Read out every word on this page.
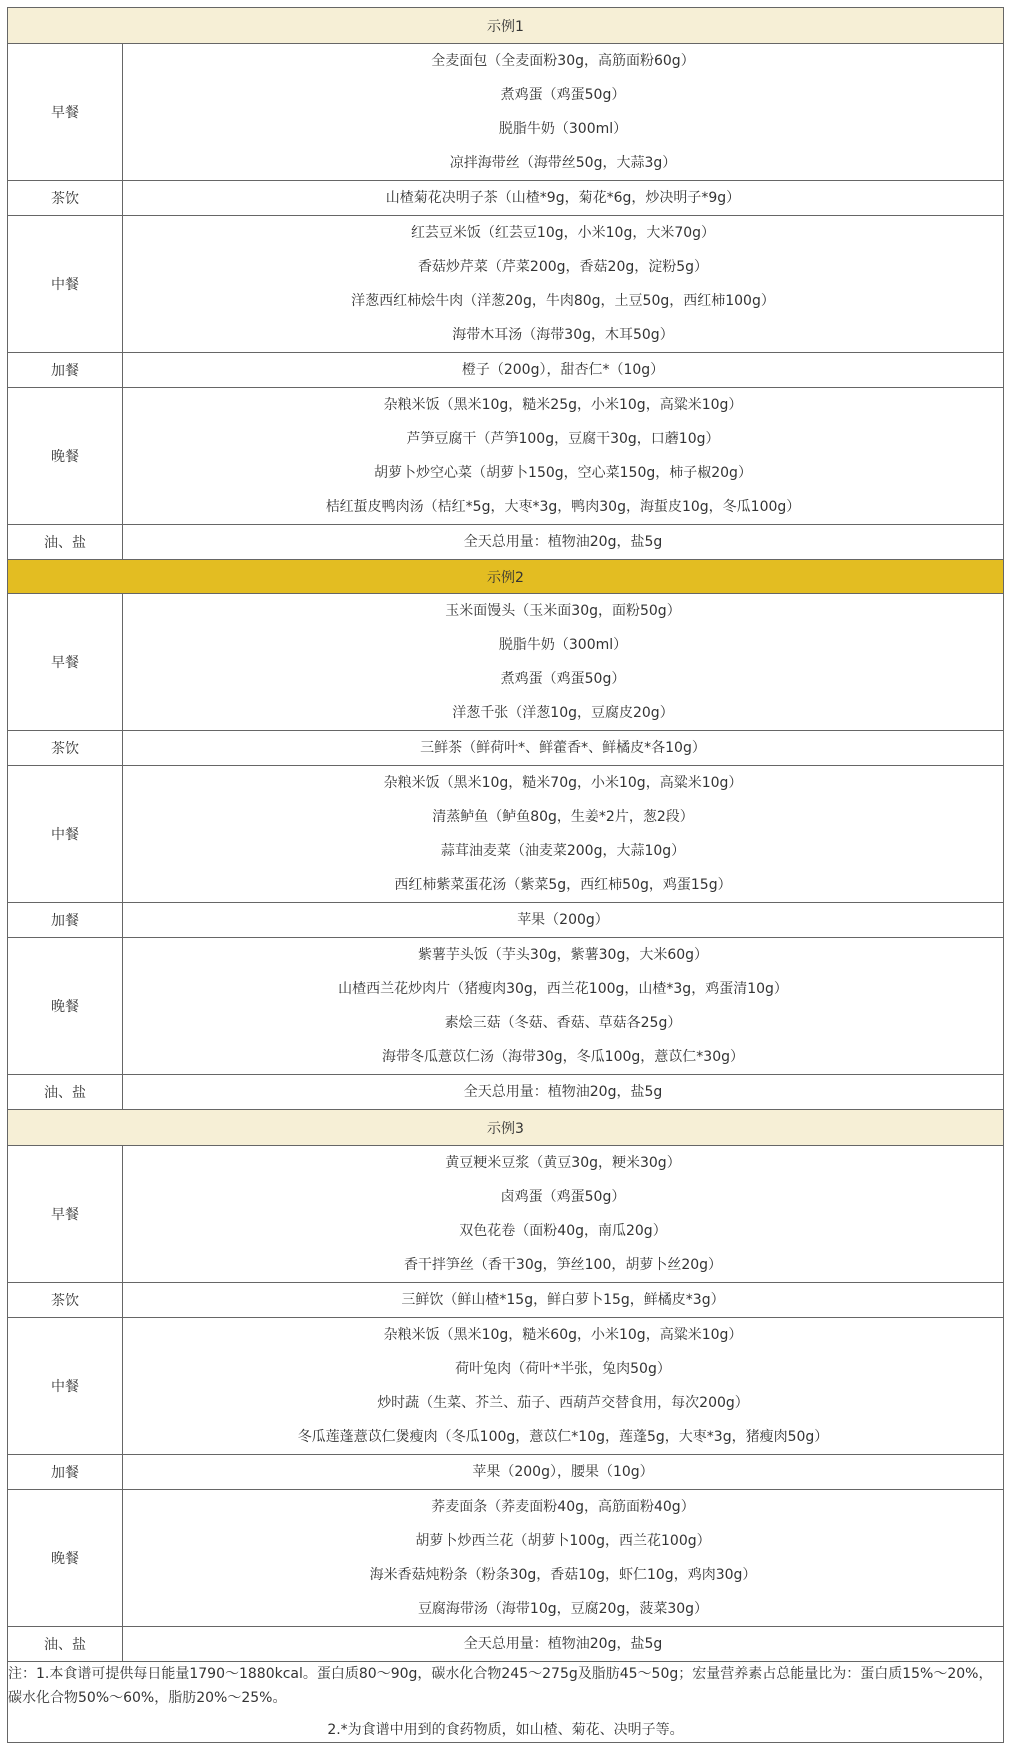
示例1	
早餐	全麦面包（全麦面粉30g，高筋面粉60g）
煮鸡蛋（鸡蛋50g）
脱脂牛奶（300ml）
凉拌海带丝（海带丝50g，大蒜3g）

茶饮	山楂菊花决明子茶（山楂*9g，菊花*6g，炒决明子*9g）

中餐	红芸豆米饭（红芸豆10g，小米10g，大米70g）
香菇炒芹菜（芹菜200g，香菇20g，淀粉5g）
洋葱西红柿烩牛肉（洋葱20g，牛肉80g，土豆50g，西红柿100g）
海带木耳汤（海带30g，木耳50g）

加餐	橙子（200g），甜杏仁*（10g）

晚餐	杂粮米饭（黑米10g，糙米25g，小米10g，高粱米10g）
芦笋豆腐干（芦笋100g，豆腐干30g，口蘑10g）
胡萝卜炒空心菜（胡萝卜150g，空心菜150g，柿子椒20g）
桔红蜇皮鸭肉汤（桔红*5g，大枣*3g，鸭肉30g，海蜇皮10g，冬瓜100g）

油、盐	全天总用量：植物油20g，盐5g

示例2	
早餐	玉米面馒头（玉米面30g，面粉50g）
脱脂牛奶（300ml）
煮鸡蛋（鸡蛋50g）
洋葱千张（洋葱10g，豆腐皮20g）

茶饮	三鲜茶（鲜荷叶*、鲜藿香*、鲜橘皮*各10g）

中餐	杂粮米饭（黑米10g，糙米70g，小米10g，高粱米10g）
清蒸鲈鱼（鲈鱼80g，生姜*2片，葱2段）
蒜茸油麦菜（油麦菜200g，大蒜10g）
西红柿紫菜蛋花汤（紫菜5g，西红柿50g，鸡蛋15g）

加餐	苹果（200g）

晚餐	紫薯芋头饭（芋头30g，紫薯30g，大米60g）
山楂西兰花炒肉片（猪瘦肉30g，西兰花100g，山楂*3g，鸡蛋清10g）
素烩三菇（冬菇、香菇、草菇各25g）
海带冬瓜薏苡仁汤（海带30g，冬瓜100g，薏苡仁*30g）

油、盐	全天总用量：植物油20g，盐5g

示例3	
早餐	黄豆粳米豆浆（黄豆30g，粳米30g）
卤鸡蛋（鸡蛋50g）
双色花卷（面粉40g，南瓜20g）
香干拌笋丝（香干30g，笋丝100，胡萝卜丝20g）

茶饮	三鲜饮（鲜山楂*15g，鲜白萝卜15g，鲜橘皮*3g）

中餐	杂粮米饭（黑米10g，糙米60g，小米10g，高粱米10g）
荷叶兔肉（荷叶*半张，兔肉50g）
炒时蔬（生菜、芥兰、茄子、西葫芦交替食用，每次200g）
冬瓜莲蓬薏苡仁煲瘦肉（冬瓜100g，薏苡仁*10g，莲蓬5g，大枣*3g，猪瘦肉50g）

加餐	苹果（200g），腰果（10g）

晚餐	荞麦面条（荞麦面粉40g，高筋面粉40g）
胡萝卜炒西兰花（胡萝卜100g，西兰花100g）
海米香菇炖粉条（粉条30g，香菇10g，虾仁10g，鸡肉30g）
豆腐海带汤（海带10g，豆腐20g，菠菜30g）

油、盐	全天总用量：植物油20g，盐5g

注：1.本食谱可提供每日能量1790～1880kcal。蛋白质80～90g，碳水化合物245～275g及脂肪45～50g；宏量营养素占总能量比为：蛋白质15%～20%，碳水化合物50%～60%，脂肪20%～25%。
2.*为食谱中用到的食药物质，如山楂、菊花、决明子等。	
